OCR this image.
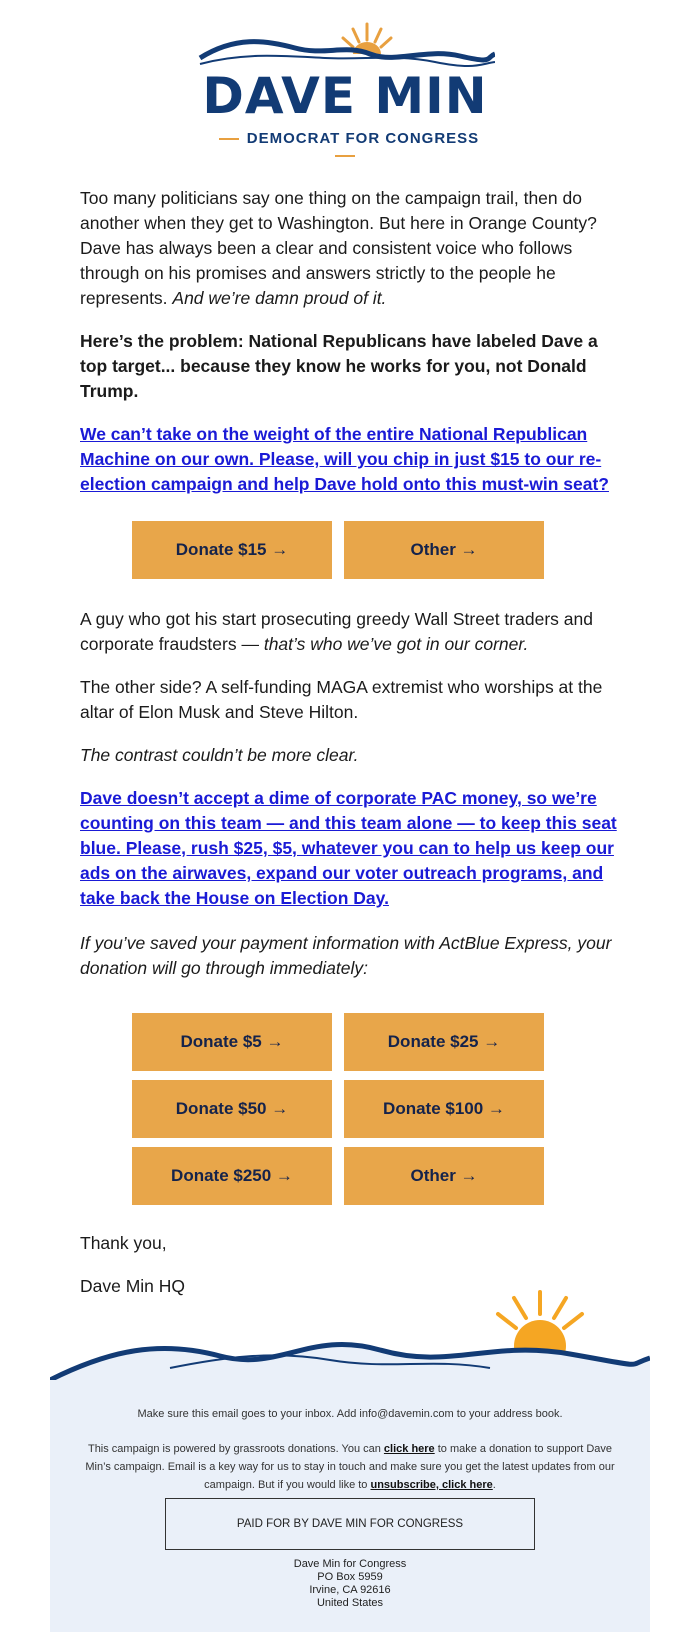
DAVE MIN
DEMOCRAT FOR CONGRESS

Too many politicians say one thing on the campaign trail, then do another when they get to Washington. But here in Orange County? Dave has always been a clear and consistent voice who follows through on his promises and answers strictly to the people he represents. And we’re damn proud of it.

Here’s the problem: National Republicans have labeled Dave a top target... because they know he works for you, not Donald Trump.

We can’t take on the weight of the entire National Republican Machine on our own. Please, will you chip in just $15 to our re-election campaign and help Dave hold onto this must-win seat?

Donate $15 →	Other →

A guy who got his start prosecuting greedy Wall Street traders and corporate fraudsters — that’s who we’ve got in our corner.

The other side? A self-funding MAGA extremist who worships at the altar of Elon Musk and Steve Hilton.

The contrast couldn’t be more clear.

Dave doesn’t accept a dime of corporate PAC money, so we’re counting on this team — and this team alone — to keep this seat blue. Please, rush $25, $5, whatever you can to help us keep our ads on the airwaves, expand our voter outreach programs, and take back the House on Election Day.

If you’ve saved your payment information with ActBlue Express, your donation will go through immediately:

Donate $5 →	Donate $25 →
Donate $50 →	Donate $100 →
Donate $250 →	Other →

Thank you,

Dave Min HQ

Make sure this email goes to your inbox. Add info@davemin.com to your address book.

This campaign is powered by grassroots donations. You can click here to make a donation to support Dave Min’s campaign. Email is a key way for us to stay in touch and make sure you get the latest updates from our campaign. But if you would like to unsubscribe, click here.

PAID FOR BY DAVE MIN FOR CONGRESS
Dave Min for Congress
PO Box 5959
Irvine, CA 92616
United States
